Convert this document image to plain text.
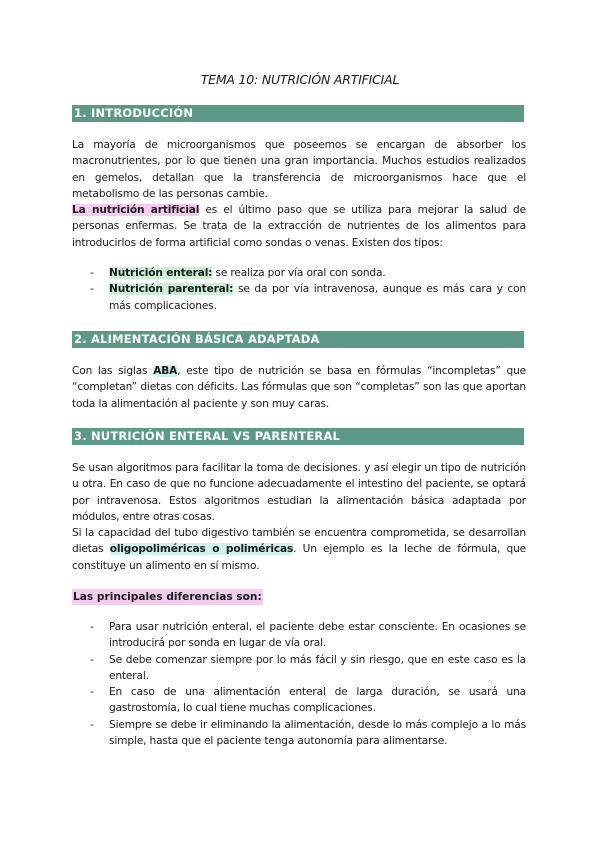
TEMA 10: NUTRICIÓN ARTIFICIAL
1. INTRODUCCIÓN

La mayoría de microorganismos que poseemos se encargan de absorber los macronutrientes, por lo que tienen una gran importancia. Muchos estudios realizados en gemelos, detallan que la transferencia de microorganismos hace que el metabolismo de las personas cambie.

La nutrición artificial es el último paso que se utiliza para mejorar la salud de personas enfermas. Se trata de la extracción de nutrientes de los alimentos para introducirlos de forma artificial como sondas o venas. Existen dos tipos:

- Nutrición enteral: se realiza por vía oral con sonda.
- Nutrición parenteral: se da por vía intravenosa, aunque es más cara y con más complicaciones.
2. ALIMENTACIÓN BÁSICA ADAPTADA

Con las siglas ABA, este tipo de nutrición se basa en fórmulas “incompletas” que “completan” dietas con déficits. Las fórmulas que son “completas” son las que aportan toda la alimentación al paciente y son muy caras.

3. NUTRICIÓN ENTERAL VS PARENTERAL

Se usan algoritmos para facilitar la toma de decisiones. y así elegir un tipo de nutrición u otra. En caso de que no funcione adecuadamente el intestino del paciente, se optará por intravenosa. Estos algoritmos estudian la alimentación básica adaptada por módulos, entre otras cosas.

Si la capacidad del tubo digestivo también se encuentra comprometida, se desarrollan dietas oligopoliméricas o poliméricas. Un ejemplo es la leche de fórmula, que constituye un alimento en sí mismo.

Las principales diferencias son:
- Para usar nutrición enteral, el paciente debe estar consciente. En ocasiones se introducirá por sonda en lugar de vía oral.
- Se debe comenzar siempre por lo más fácil y sin riesgo, que en este caso es la enteral.
- En caso de una alimentación enteral de larga duración, se usará una gastrostomía, lo cual tiene muchas complicaciones.
- Siempre se debe ir eliminando la alimentación, desde lo más complejo a lo más simple, hasta que el paciente tenga autonomía para alimentarse.
